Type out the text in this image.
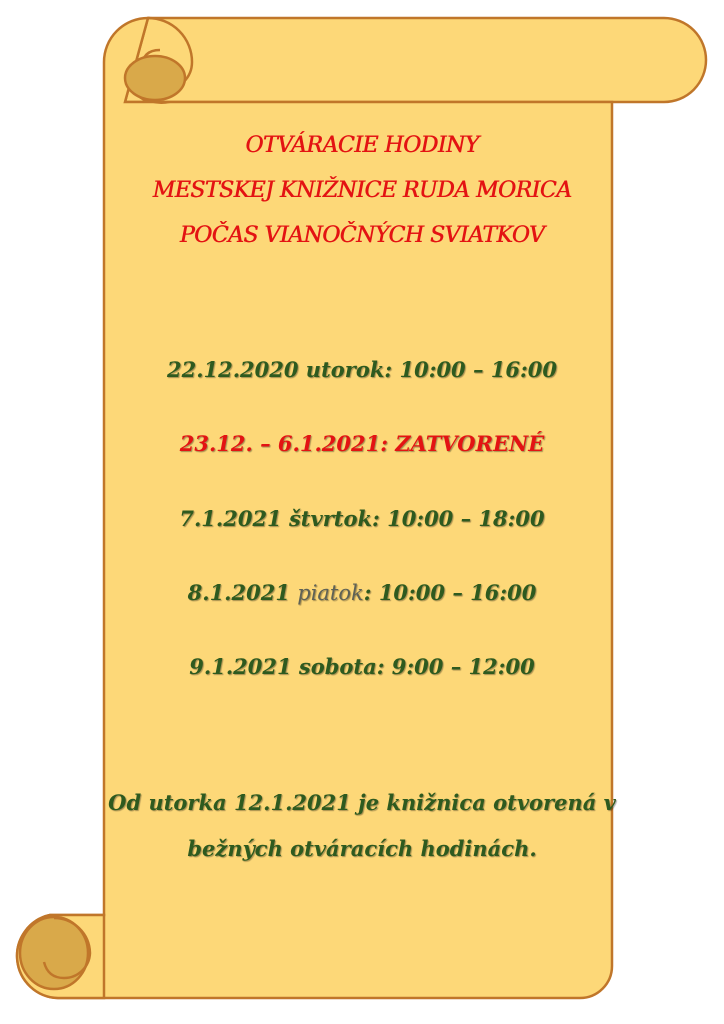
OTVÁRACIE HODINY

MESTSKEJ KNIŽNICE RUDA MORICA

POČAS VIANOČNÝCH SVIATKOV

22.12.2020 utorok: 10:00 – 16:00

23.12. – 6.1.2021: ZATVORENÉ

7.1.2021 štvrtok: 10:00 – 18:00

8.1.2021 piatok: 10:00 – 16:00

9.1.2021 sobota: 9:00 – 12:00

Od utorka 12.1.2021 je knižnica otvorená v

bežných otváracích hodinách.
